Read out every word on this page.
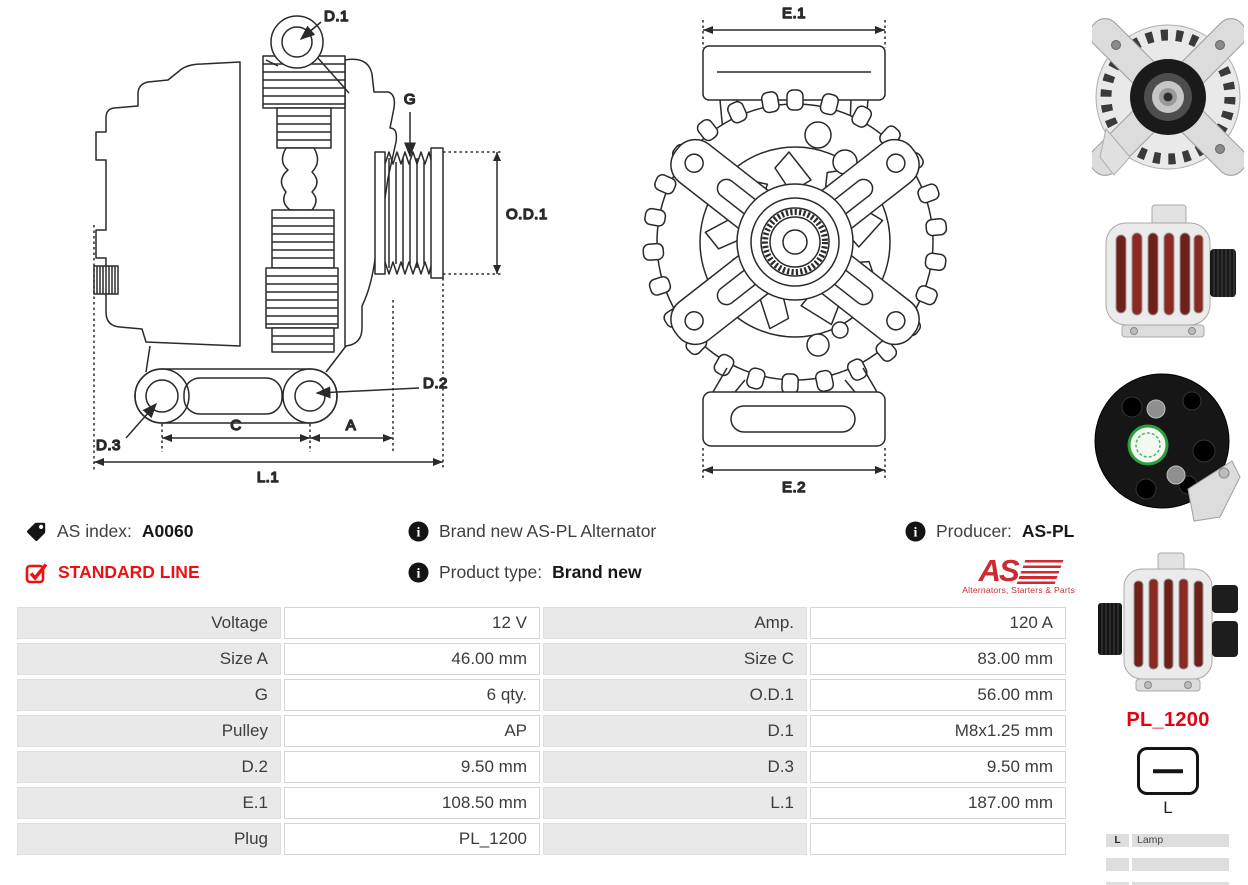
D.1
G
O.D.1
D.2
D.3
C	A
L.1
E.1
E.2
AS index: A0060	i Brand new AS-PL Alternator	i Producer: AS-PL
STANDARD LINE	i Product type: Brand new	AS
Alternators, Starters & Parts
Voltage	12 V	Amp.	120 A
Size A	46.00 mm	Size C	83.00 mm
G	6 qty.	O.D.1	56.00 mm
Pulley	AP	D.1	M8x1.25 mm
D.2	9.50 mm	D.3	9.50 mm
E.1	108.50 mm	L.1	187.00 mm
Plug	PL_1200		
PL_1200
L
L	Lamp
